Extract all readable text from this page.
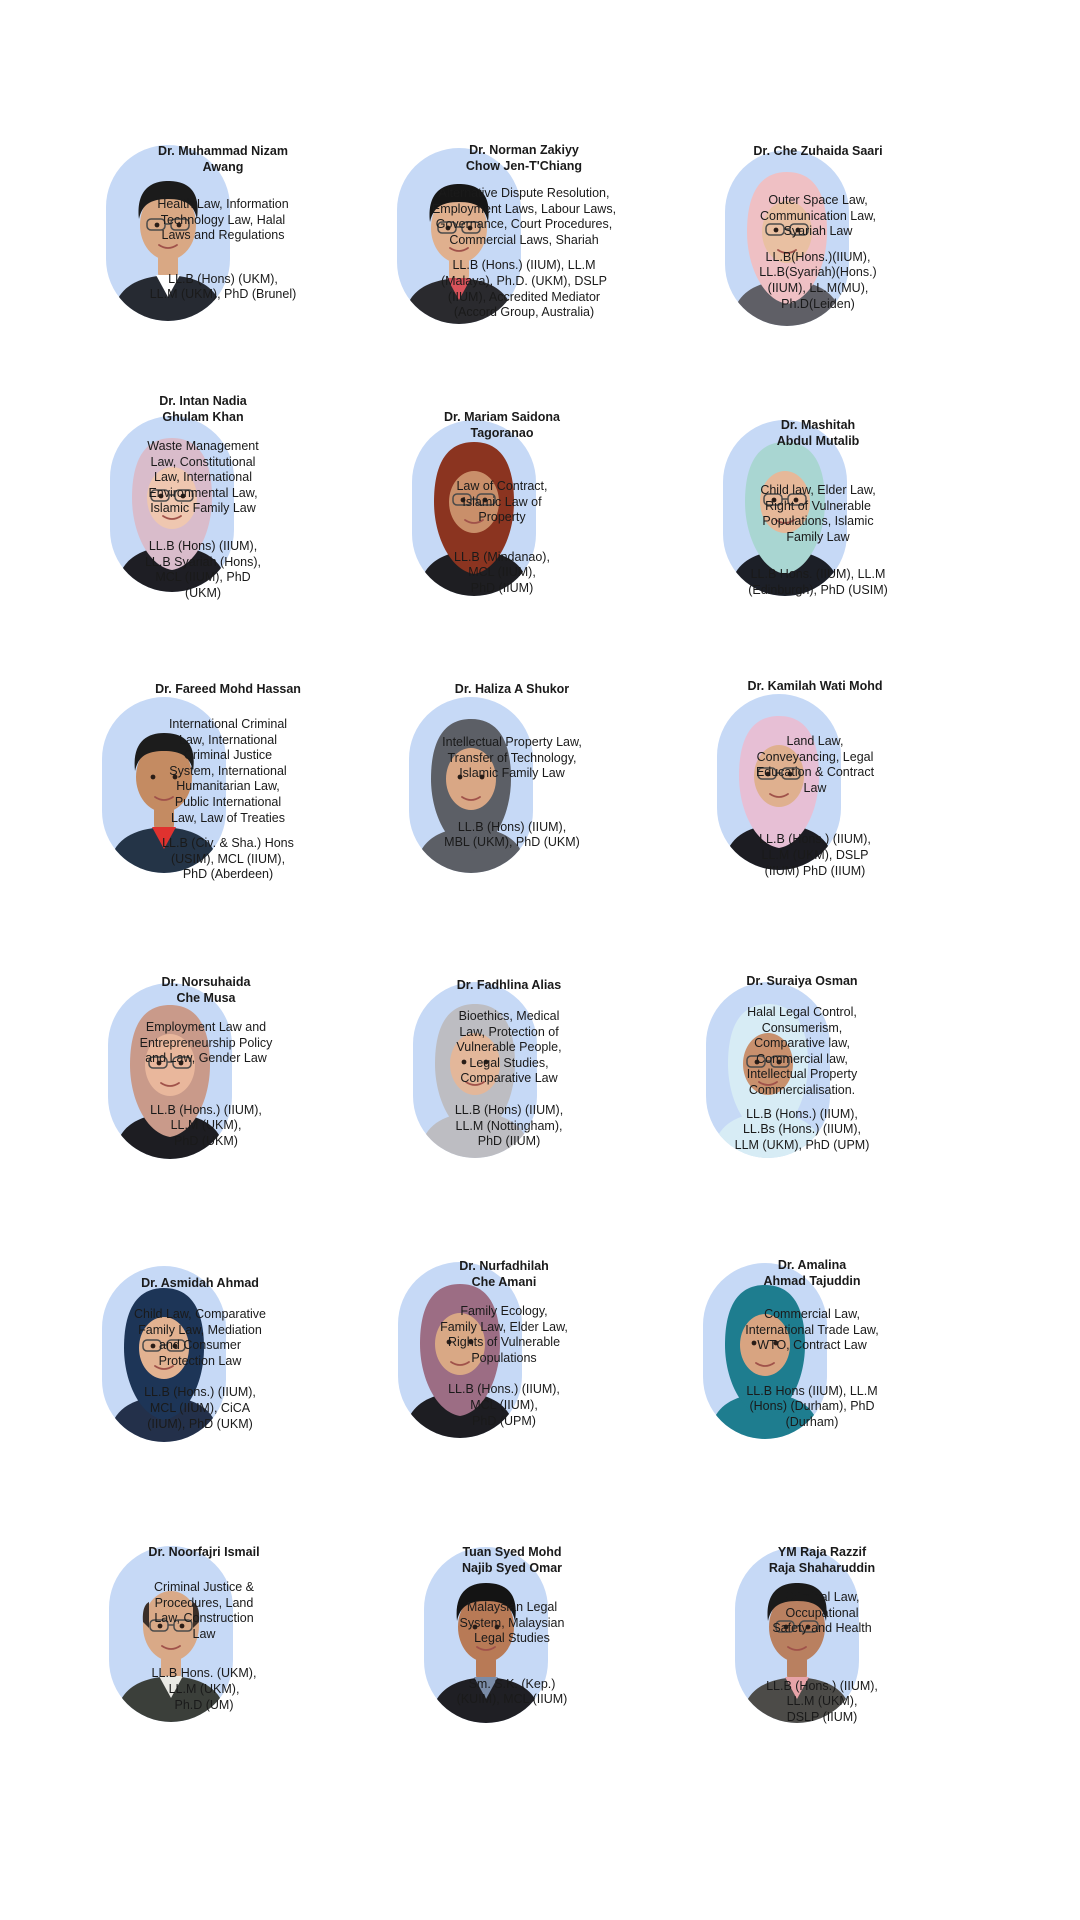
Dr. Muhammad Nizam
Awang

Health Law, Information
Technology Law, Halal
Laws and Regulations

LL.B (Hons) (UKM),
LL.M (UKM), PhD (Brunel)

Dr. Norman Zakiyy
Chow Jen-T'Chiang

Alternative Dispute Resolution,
Employment Laws, Labour Laws,
Governance, Court Procedures,
Commercial Laws, Shariah

LL.B (Hons.) (IIUM), LL.M
(Malaya), Ph.D. (UKM), DSLP
(IIUM), Accredited Mediator
(Accord Group, Australia)

Dr. Che Zuhaida Saari

Outer Space Law,
Communication Law,
Syariah Law

LL.B(Hons.)(IIUM),
LL.B(Syariah)(Hons.)
(IIUM), LL.M(MU),
Ph.D(Leiden)

Dr. Intan Nadia
Ghulam Khan

Waste Management
Law, Constitutional
Law, International
Environmental Law,
Islamic Family Law

LL.B (Hons) (IIUM),
LL.B Syariah (Hons),
MCL (IIUM), PhD
(UKM)

Dr. Mariam Saidona
Tagoranao

Law of Contract,
Islamic Law of
Property

LL.B (Mindanao),
MCL (IIUM),
PhD (IIUM)

Dr. Mashitah
Abdul Mutalib

Child law, Elder Law,
Right of Vulnerable
Populations, Islamic
Family Law

LL.B Hons. (IIUM), LL.M
(Edinburgh), PhD (USIM)

Dr. Fareed Mohd Hassan

International Criminal
Law, International
Criminal Justice
System, International
Humanitarian Law,
Public International
Law, Law of Treaties

LL.B (Civ. & Sha.) Hons
(USIM), MCL (IIUM),
PhD (Aberdeen)

Dr. Haliza A Shukor

Intellectual Property Law,
Transfer of Technology,
Islamic Family Law

LL.B (Hons) (IIUM),
MBL (UKM), PhD (UKM)

Dr. Kamilah Wati Mohd

Land Law,
Conveyancing, Legal
Education & Contract
Law

LL.B (Hons.) (IIUM),
LL.M (UKM), DSLP
(IIUM) PhD (IIUM)

Dr. Norsuhaida
Che Musa

Employment Law and
Entrepreneurship Policy
and Law, Gender Law

LL.B (Hons.) (IIUM),
LL.M (UKM),
PhD (UKM)

Dr. Fadhlina Alias

Bioethics, Medical
Law, Protection of
Vulnerable People,
Legal Studies,
Comparative Law

LL.B (Hons) (IIUM),
LL.M (Nottingham),
PhD (IIUM)

Dr. Suraiya Osman

Halal Legal Control,
Consumerism,
Comparative law,
Commercial law,
Intellectual Property
Commercialisation.

LL.B (Hons.) (IIUM),
LL.Bs (Hons.) (IIUM),
LLM (UKM), PhD (UPM)

Dr. Asmidah Ahmad

Child Law, Comparative
Family Law, Mediation
and Consumer
Protection Law

LL.B (Hons.) (IIUM),
MCL (IIUM), CiCA
(IIUM), PhD (UKM)

Dr. Nurfadhilah
Che Amani

Family Ecology,
Family Law, Elder Law,
Rights of Vulnerable
Populations

LL.B (Hons.) (IIUM),
MCL (IIUM),
PhD (UPM)

Dr. Amalina
Ahmad Tajuddin

Commercial Law,
International Trade Law,
WTO, Contract Law

LL.B Hons (IIUM), LL.M
(Hons) (Durham), PhD
(Durham)

Dr. Noorfajri Ismail

Criminal Justice &
Procedures, Land
Law, Construction
Law

LL.B Hons. (UKM),
LL.M (UKM),
Ph.D (UM)

Tuan Syed Mohd
Najib Syed Omar

Malaysian Legal
System, Malaysian
Legal Studies

Sm. S.K. (Kep.)
(KUIM), MCL (IIUM)

YM Raja Razzif
Raja Shaharuddin

Criminal Law,
Occupational
Safety and Health

LL.B (Hons.) (IIUM),
LL.M (UKM),
DSLP (IIUM)
